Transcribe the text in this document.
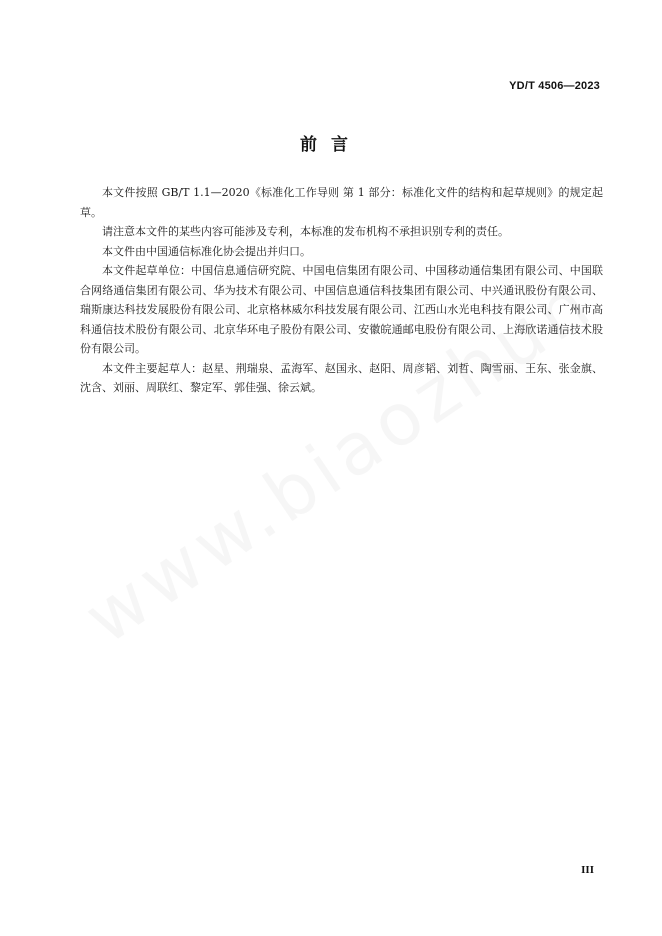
YD/T 4506—2023
前言

本文件按照 GB/T 1.1—2020《标准化工作导则 第 1 部分：标准化文件的结构和起草规则》的规定起草。

请注意本文件的某些内容可能涉及专利，本标准的发布机构不承担识别专利的责任。

本文件由中国通信标准化协会提出并归口。

本文件起草单位：中国信息通信研究院、中国电信集团有限公司、中国移动通信集团有限公司、中国联合网络通信集团有限公司、华为技术有限公司、中国信息通信科技集团有限公司、中兴通讯股份有限公司、瑞斯康达科技发展股份有限公司、北京格林威尔科技发展有限公司、江西山水光电科技有限公司、广州市高科通信技术股份有限公司、北京华环电子股份有限公司、安徽皖通邮电股份有限公司、上海欣诺通信技术股份有限公司。

本文件主要起草人：赵星、荆瑞泉、孟海军、赵国永、赵阳、周彦韬、刘哲、陶雪丽、王东、张金旗、沈含、刘丽、周联红、黎定军、郭佳强、徐云斌。

III
